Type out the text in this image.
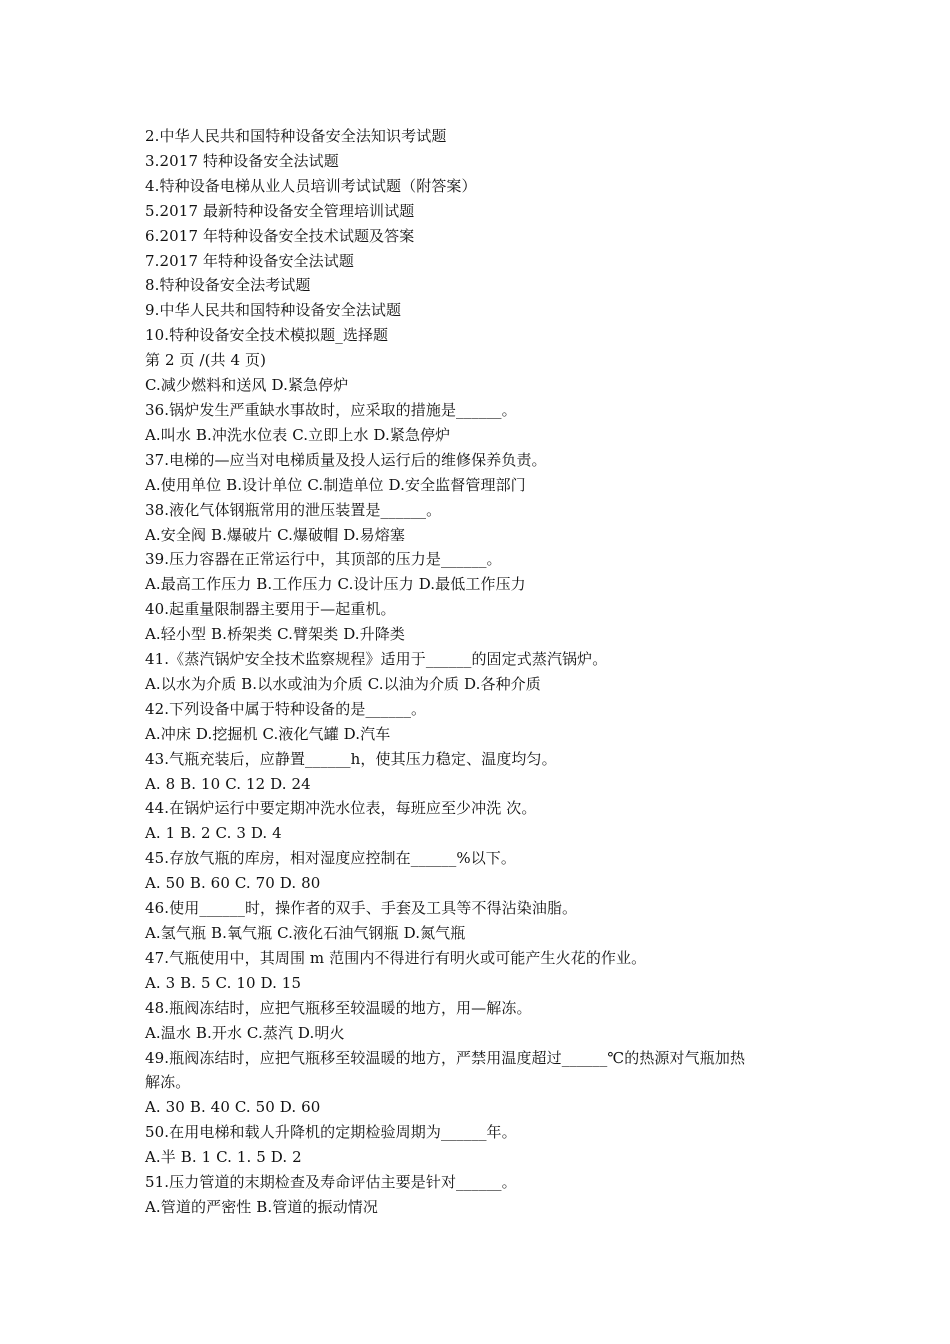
2.中华人民共和国特种设备安全法知识考试题
3.2017 特种设备安全法试题
4.特种设备电梯从业人员培训考试试题（附答案）
5.2017 最新特种设备安全管理培训试题
6.2017 年特种设备安全技术试题及答案
7.2017 年特种设备安全法试题
8.特种设备安全法考试题
9.中华人民共和国特种设备安全法试题
10.特种设备安全技术模拟题_选择题
第 2 页 /(共 4 页)
C.减少燃料和送风 D.紧急停炉
36.锅炉发生严重缺水事故时，应采取的措施是______。
A.叫水 B.冲洗水位表 C.立即上水 D.紧急停炉
37.电梯的—应当对电梯质量及投人运行后的维修保养负责。
A.使用单位 B.设计单位 C.制造单位 D.安全监督管理部门
38.液化气体钢瓶常用的泄压装置是______。
A.安全阀 B.爆破片 C.爆破帽 D.易熔塞
39.压力容器在正常运行中，其顶部的压力是______。
A.最高工作压力 B.工作压力 C.设计压力 D.最低工作压力
40.起重量限制器主要用于—起重机。
A.轻小型 B.桥架类 C.臂架类 D.升降类
41.《蒸汽锅炉安全技术监察规程》适用于______的固定式蒸汽锅炉。
A.以水为介质 B.以水或油为介质 C.以油为介质 D.各种介质
42.下列设备中属于特种设备的是______。
A.冲床 D.挖掘机 C.液化气罐 D.汽车
43.气瓶充装后，应静置______h，使其压力稳定、温度均匀。
A. 8 B. 10 C. 12 D. 24
44.在锅炉运行中要定期冲洗水位表，每班应至少冲洗 次。
A. 1 B. 2 C. 3 D. 4
45.存放气瓶的库房，相对湿度应控制在______%以下。
A. 50 B. 60 C. 70 D. 80
46.使用______时，操作者的双手、手套及工具等不得沾染油脂。
A.氢气瓶 B.氧气瓶 C.液化石油气钢瓶 D.氮气瓶
47.气瓶使用中，其周围 m 范围内不得进行有明火或可能产生火花的作业。
A. 3 B. 5 C. 10 D. 15
48.瓶阀冻结时，应把气瓶移至较温暖的地方，用—解冻。
A.温水 B.开水 C.蒸汽 D.明火
49.瓶阀冻结时，应把气瓶移至较温暖的地方，严禁用温度超过______℃的热源对气瓶加热
解冻。
A. 30 B. 40 C. 50 D. 60
50.在用电梯和载人升降机的定期检验周期为______年。
A.半 B. 1 C. 1. 5 D. 2
51.压力管道的末期检查及寿命评估主要是针对______。
A.管道的严密性 B.管道的振动情况
